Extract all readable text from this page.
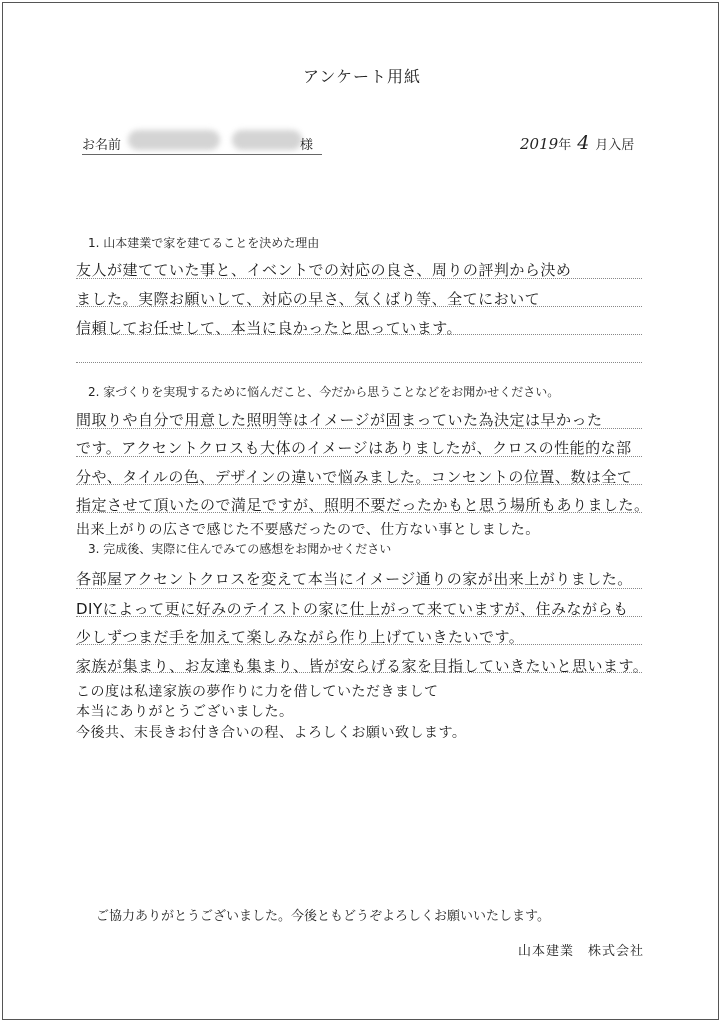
アンケート用紙
お名前	様	2019年 4 月入居
1. 山本建業で家を建てることを決めた理由
友人が建てていた事と、イベントでの対応の良さ、周りの評判から決め
ました。実際お願いして、対応の早さ、気くばり等、全てにおいて
信頼してお任せして、本当に良かったと思っています。
2. 家づくりを実現するために悩んだこと、今だから思うことなどをお聞かせください。
間取りや自分で用意した照明等はイメージが固まっていた為決定は早かった
です。アクセントクロスも大体のイメージはありましたが、クロスの性能的な部
分や、タイルの色、デザインの違いで悩みました。コンセントの位置、数は全て
指定させて頂いたので満足ですが、照明不要だったかもと思う場所もありました。
出来上がりの広さで感じた不要感だったので、仕方ない事としました。
3. 完成後、実際に住んでみての感想をお聞かせください
各部屋アクセントクロスを変えて本当にイメージ通りの家が出来上がりました。
DIYによって更に好みのテイストの家に仕上がって来ていますが、住みながらも
少しずつまだ手を加えて楽しみながら作り上げていきたいです。
家族が集まり、お友達も集まり、皆が安らげる家を目指していきたいと思います。
この度は私達家族の夢作りに力を借していただきまして
本当にありがとうございました。
今後共、末長きお付き合いの程、よろしくお願い致します。
ご協力ありがとうございました。今後ともどうぞよろしくお願いいたします。
山本建業　株式会社
